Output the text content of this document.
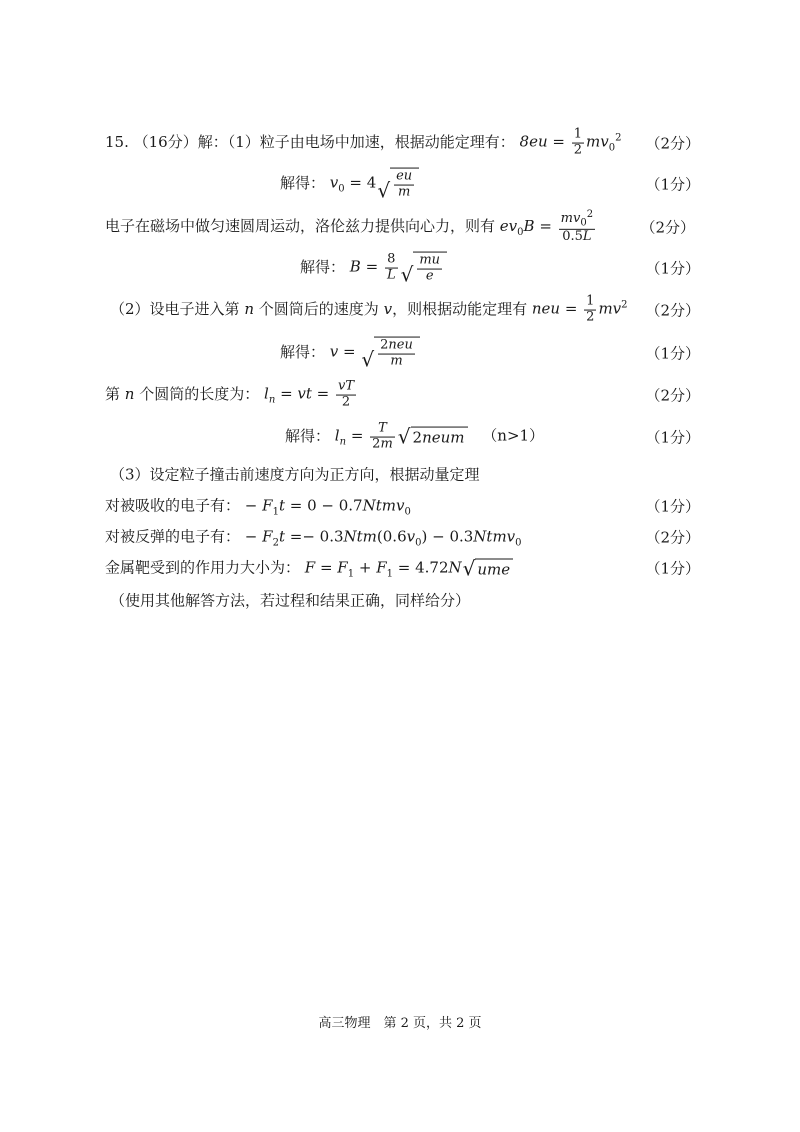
15. （16分）解：（1）粒子由电场中加速，根据动能定理有： $8eu = \frac{1}{2} mv_0^2$ （2分）
解得： $v_0 = 4$ √ $\frac{eu}{m}$	（1分）
电子在磁场中做匀速圆周运动，洛伦兹力提供向心力，则有 $ev_0B = \frac{mv_0^2}{0.5L}$	（2分）
解得： $B = \frac{8}{L}$ √ $\frac{mu}{e}$	（1分）
（2）设电子进入第 n 个圆筒后的速度为 v，则根据动能定理有 neu = $\frac{1}{2} mv^2$ （2分）
解得： v = √ $\frac{\text{2neu}}{m}$	（1分）
第 n 个圆筒的长度为： $l_n$ = vt = $\frac{vT}{2}$	（2分）
解得： $l_n = \frac{T}{2m}$ √ 2 neum （n>1）	（1分）
（3）设定粒子撞击前速度方向为正方向，根据动量定理
对被吸收的电子有： − $F_1t = 0$ − 0.7Ntmv$_0$	（1分）
对被反弹的电子有： − $F_2t =- 0.3Ntm(0.6v_0)$ − 0.3Ntmv$_0$	（2分）
金属靶受到的作用力大小为： $F = F_1 + F_1 = 4.72N$ √ ume	（1分）
（使用其他解答方法，若过程和结果正确，同样给分）
高三物理　第 2 页，共 2 页
